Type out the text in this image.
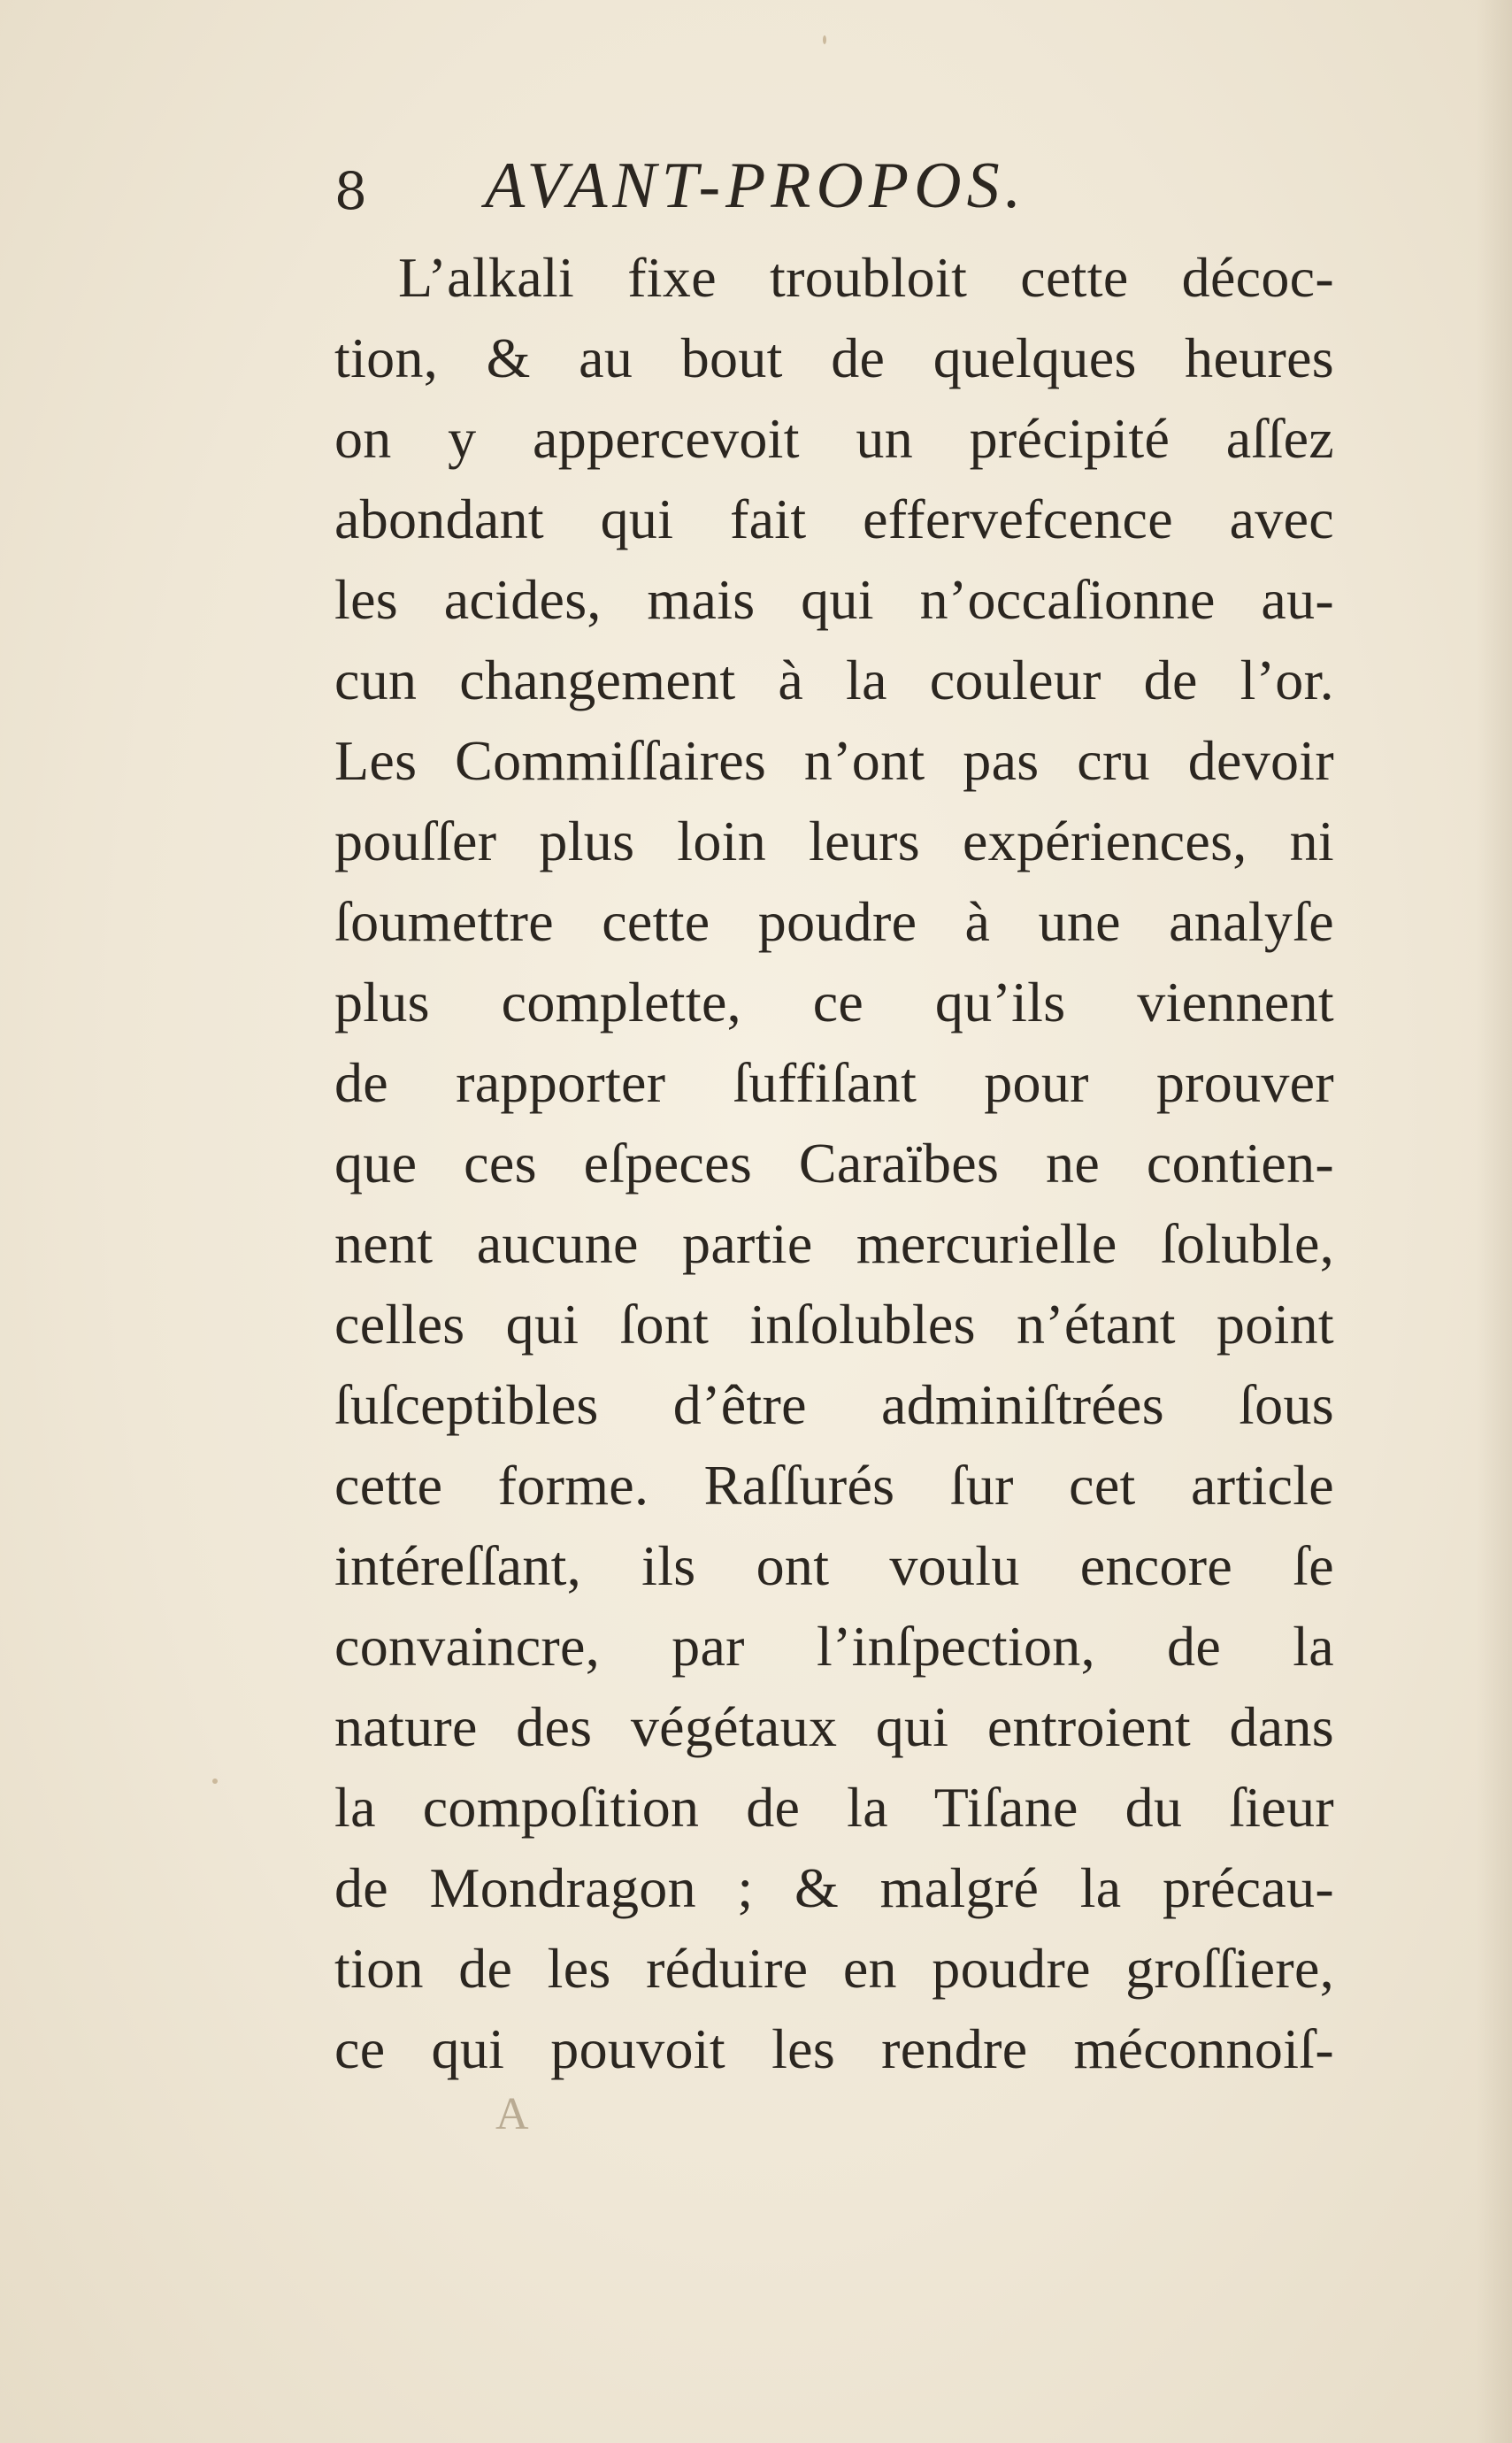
8 AVANT-PROPOS.
L’alkali fixe troubloit cette décoc-
tion, & au bout de quelques heures
on y appercevoit un précipité aſſez
abondant qui fait effervefcence avec
les acides, mais qui n’occaſionne au-
cun changement à la couleur de l’or.
Les Commiſſaires n’ont pas cru devoir
pouſſer plus loin leurs expériences, ni
ſoumettre cette poudre à une analyſe
plus complette, ce qu’ils viennent
de rapporter ſuffiſant pour prouver
que ces eſpeces Caraïbes ne contien-
nent aucune partie mercurielle ſoluble,
celles qui ſont inſolubles n’étant point
ſuſceptibles d’être adminiſtrées ſous
cette forme. Raſſurés ſur cet article
intéreſſant, ils ont voulu encore ſe
convaincre, par l’inſpection, de la
nature des végétaux qui entroient dans
la compoſition de la Tiſane du ſieur
de Mondragon ; & malgré la précau-
tion de les réduire en poudre groſſiere,
ce qui pouvoit les rendre méconnoiſ-
A
